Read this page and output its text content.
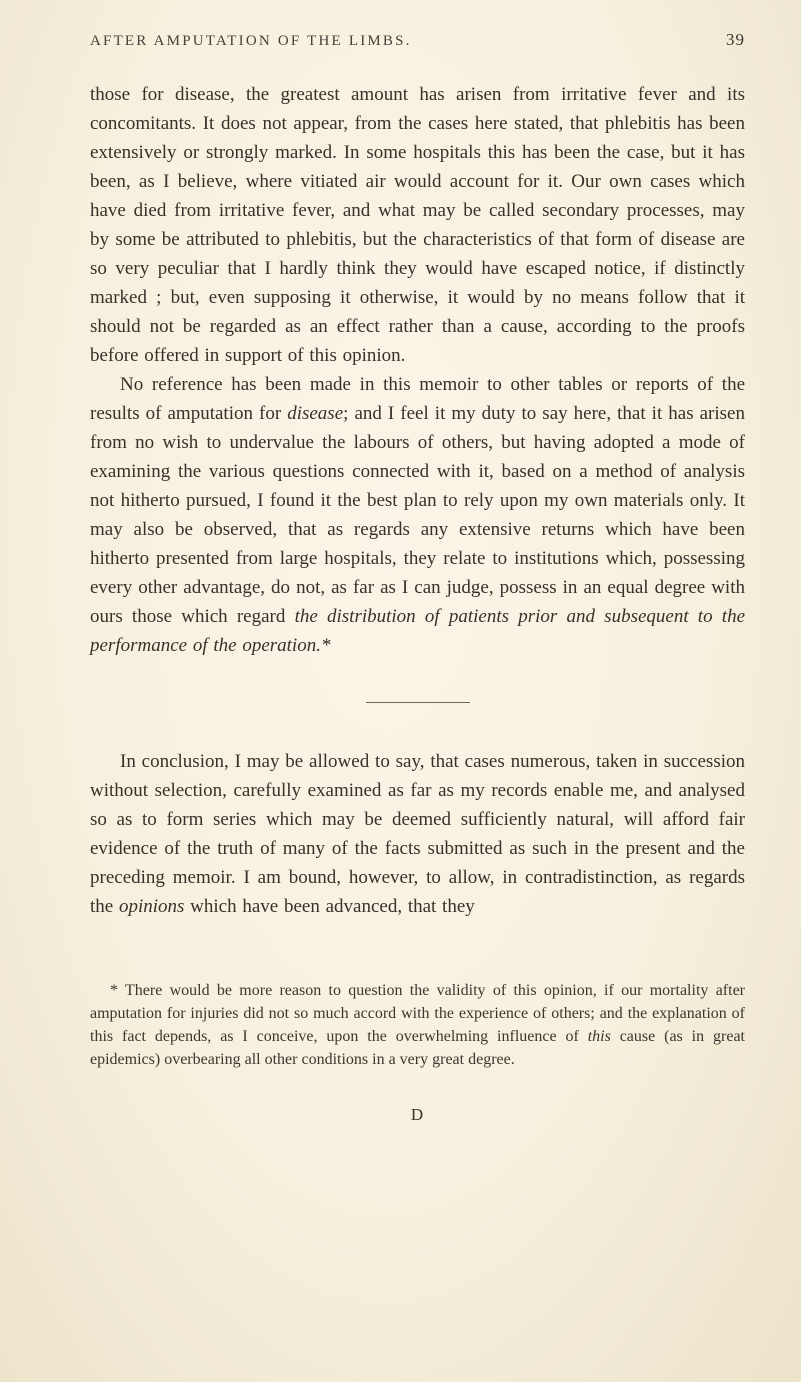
AFTER AMPUTATION OF THE LIMBS.	39

those for disease, the greatest amount has arisen from irritative fever and its concomitants. It does not appear, from the cases here stated, that phlebitis has been extensively or strongly marked. In some hospitals this has been the case, but it has been, as I believe, where vitiated air would account for it. Our own cases which have died from irritative fever, and what may be called secondary processes, may by some be attributed to phlebitis, but the characteristics of that form of disease are so very peculiar that I hardly think they would have escaped notice, if distinctly marked ; but, even supposing it otherwise, it would by no means follow that it should not be regarded as an effect rather than a cause, according to the proofs before offered in support of this opinion.

No reference has been made in this memoir to other tables or reports of the results of amputation for disease; and I feel it my duty to say here, that it has arisen from no wish to undervalue the labours of others, but having adopted a mode of examining the various questions connected with it, based on a method of analysis not hitherto pursued, I found it the best plan to rely upon my own materials only. It may also be observed, that as regards any extensive returns which have been hitherto presented from large hospitals, they relate to institutions which, possessing every other advantage, do not, as far as I can judge, possess in an equal degree with ours those which regard the distribution of patients prior and subsequent to the performance of the operation.*

In conclusion, I may be allowed to say, that cases numerous, taken in succession without selection, carefully examined as far as my records enable me, and analysed so as to form series which may be deemed sufficiently natural, will afford fair evidence of the truth of many of the facts submitted as such in the present and the preceding memoir. I am bound, however, to allow, in contradistinction, as regards the opinions which have been advanced, that they

* There would be more reason to question the validity of this opinion, if our mortality after amputation for injuries did not so much accord with the experience of others; and the explanation of this fact depends, as I conceive, upon the overwhelming influence of this cause (as in great epidemics) overbearing all other conditions in a very great degree.
D
